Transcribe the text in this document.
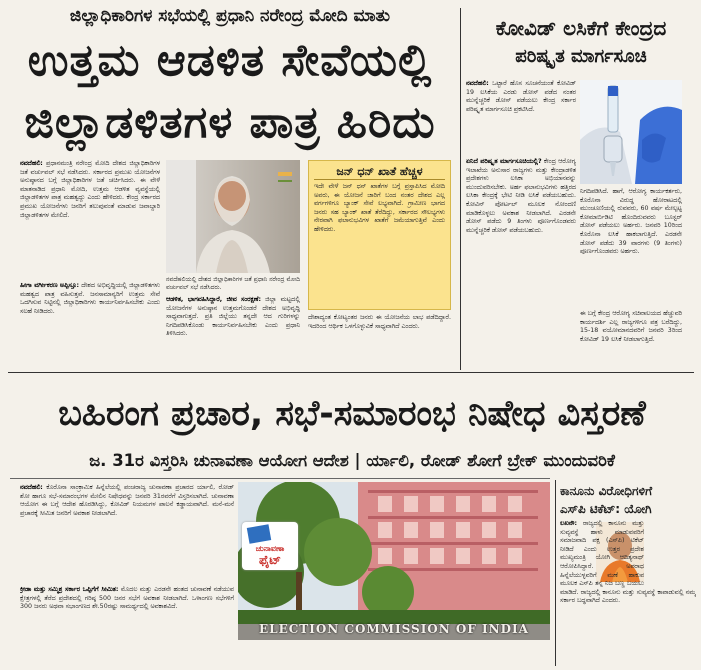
ಜಿಲ್ಲಾಧಿಕಾರಿಗಳ ಸಭೆಯಲ್ಲಿ ಪ್ರಧಾನಿ ನರೇಂದ್ರ ಮೋದಿ ಮಾತು
ಉತ್ತಮ ಆಡಳಿತ ಸೇವೆಯಲ್ಲಿ
ಜಿಲ್ಲಾಡಳಿತಗಳ ಪಾತ್ರ ಹಿರಿದು
ನವದೆಹಲಿ: ಪ್ರಧಾನಮಂತ್ರಿ ನರೇಂದ್ರ ಮೋದಿ ದೇಶದ ಜಿಲ್ಲಾಧಿಕಾರಿಗಳ ಜತೆ ವರ್ಚುವಲ್ ಸಭೆ ನಡೆಸಿದರು. ಸರ್ಕಾರದ ಪ್ರಮುಖ ಯೋಜನೆಗಳ ಅನುಷ್ಠಾನದ ಬಗ್ಗೆ ಜಿಲ್ಲಾಧಿಕಾರಿಗಳ ಜತೆ ಚರ್ಚಿಸಿದರು. ಈ ವೇಳೆ ಮಾತನಾಡಿದ ಪ್ರಧಾನಿ ಮೋದಿ, ಉತ್ತಮ ಆಡಳಿತ ವ್ಯವಸ್ಥೆಯಲ್ಲಿ ಜಿಲ್ಲಾಡಳಿತಗಳ ಪಾತ್ರ ಮಹತ್ವದ್ದು ಎಂದು ಹೇಳಿದರು. ಕೇಂದ್ರ ಸರ್ಕಾರದ ಪ್ರಮುಖ ಯೋಜನೆಗಳು ಜನರಿಗೆ ತಲುಪುವಂತೆ ಮಾಡುವ ಜವಾಬ್ದಾರಿ ಜಿಲ್ಲಾಡಳಿತಗಳ ಮೇಲಿದೆ.
ಹೀಗಾ ವರ್ಗೀಕರಣ ಅಪ್ಪಿಸ್ತೂ: ದೇಶದ ಅಭಿವೃದ್ಧಿಯಲ್ಲಿ ಜಿಲ್ಲಾಡಳಿತಗಳು ಮಹತ್ವದ ಪಾತ್ರ ವಹಿಸುತ್ತವೆ. ಜನಸಾಮಾನ್ಯರಿಗೆ ಉತ್ತಮ ಸೇವೆ ಒದಗಿಸುವ ನಿಟ್ಟಿನಲ್ಲಿ ಜಿಲ್ಲಾಧಿಕಾರಿಗಳು ಕಾರ್ಯನಿರ್ವಹಿಸಬೇಕು ಎಂದು ಸಲಹೆ ನೀಡಿದರು.
ನವದೆಹಲಿಯಲ್ಲಿ ದೇಶದ ಜಿಲ್ಲಾಧಿಕಾರಿಗಳ ಜತೆ ಪ್ರಧಾನಿ ನರೇಂದ್ರ ಮೋದಿ ವರ್ಚುವಲ್ ಸಭೆ ನಡೆಸಿದರು.
ಆಡಳಿತ, ಭಾಗವಹಿಸಿದ್ದಾರೆ, ಜೀವ ಸಂರಕ್ಷಣೆ: ಜಿಲ್ಲಾ ಮಟ್ಟದಲ್ಲಿ ಯೋಜನೆಗಳ ಅನುಷ್ಠಾನ ಉತ್ತಮಗೊಂಡರೆ ದೇಶದ ಅಭಿವೃದ್ಧಿ ಸಾಧ್ಯವಾಗುತ್ತದೆ. ಪ್ರತಿ ಜಿಲ್ಲೆಯು ತನ್ನದೇ ಆದ ಗುರಿಗಳನ್ನು ನಿಗದಿಪಡಿಸಿಕೊಂಡು ಕಾರ್ಯನಿರ್ವಹಿಸಬೇಕು ಎಂದು ಪ್ರಧಾನಿ ತಿಳಿಸಿದರು.
ಜನ್ ಧನ್ ಖಾತೆ ಹೆಚ್ಚಳ
ಇದೇ ವೇಳೆ ಜನ್ ಧನ್ ಖಾತೆಗಳ ಬಗ್ಗೆ ಪ್ರಸ್ತಾಪಿಸಿದ ಮೋದಿ ಅವರು, ಈ ಯೋಜನೆ ಜಾರಿಗೆ ಬಂದ ನಂತರ ದೇಶದ ಎಲ್ಲ ವರ್ಗಗಳಿಗೂ ಬ್ಯಾಂಕ್ ಸೇವೆ ಲಭ್ಯವಾಗಿದೆ. ಗ್ರಾಮೀಣ ಭಾಗದ ಜನರು ಸಹ ಬ್ಯಾಂಕ್ ಖಾತೆ ತೆರೆದಿದ್ದು, ಸರ್ಕಾರದ ಸೌಲಭ್ಯಗಳು ನೇರವಾಗಿ ಫಲಾನುಭವಿಗಳ ಖಾತೆಗೆ ಜಮೆಯಾಗುತ್ತಿವೆ ಎಂದು ಹೇಳಿದರು.
ದೇಶಾದ್ಯಂತ ಕೋಟ್ಯಂತರ ಜನರು ಈ ಯೋಜನೆಯ ಲಾಭ ಪಡೆದಿದ್ದಾರೆ. ಇದರಿಂದ ಆರ್ಥಿಕ ಒಳಗೊಳ್ಳುವಿಕೆ ಸಾಧ್ಯವಾಗಿದೆ ಎಂದರು.
ಕೋವಿಡ್ ಲಸಿಕೆಗೆ ಕೇಂದ್ರದ
ಪರಿಷ್ಕೃತ ಮಾರ್ಗಸೂಚಿ
ನವದೆಹಲಿ: ಒಟ್ಟಾರೆ ಹೊಸ ಸೂಚನೆಯಂತೆ ಕೋವಿಡ್ 19 ಲಸಿಕೆಯ ಎರಡು ಡೋಸ್ ಪಡೆದ ನಂತರ ಮುನ್ನೆಚ್ಚರಿಕೆ ಡೋಸ್ ಪಡೆಯಲು ಕೇಂದ್ರ ಸರ್ಕಾರ ಪರಿಷ್ಕೃತ ಮಾರ್ಗಸೂಚಿ ಪ್ರಕಟಿಸಿದೆ.
ಏನಿದೆ ಪರಿಷ್ಕೃತ ಮಾರ್ಗಸೂಚಿಯಲ್ಲಿ? ಕೇಂದ್ರ ಆರೋಗ್ಯ ಇಲಾಖೆಯ ಅನುಸಾರ ರಾಜ್ಯಗಳು ಮತ್ತು ಕೇಂದ್ರಾಡಳಿತ ಪ್ರದೇಶಗಳು ಲಸಿಕಾ ಅಭಿಯಾನವನ್ನು ಮುಂದುವರಿಸಬೇಕು. ಅರ್ಹ ಫಲಾನುಭವಿಗಳು ಹತ್ತಿರದ ಲಸಿಕಾ ಕೇಂದ್ರಕ್ಕೆ ಭೇಟಿ ನೀಡಿ ಲಸಿಕೆ ಪಡೆಯಬಹುದು. ಕೋವಿನ್ ಪೋರ್ಟಲ್ ಮೂಲಕ ನೋಂದಣಿ ಮಾಡಿಕೊಳ್ಳಲು ಅವಕಾಶ ನೀಡಲಾಗಿದೆ. ಎರಡನೇ ಡೋಸ್ ಪಡೆದು 9 ತಿಂಗಳು ಪೂರ್ಣಗೊಂಡವರು ಮುನ್ನೆಚ್ಚರಿಕೆ ಡೋಸ್ ಪಡೆಯಬಹುದು.
ನಿಗದಿಪಡಿಸಿದೆ. ಹಾಗೆ, ಆರೋಗ್ಯ ಕಾರ್ಯಕರ್ತರು, ಕೊರೊನಾ ವಿರುದ್ಧ ಹೋರಾಟದಲ್ಲಿ ಮುಂಚೂಣಿಯಲ್ಲಿ ರುವವರು, 60 ವರ್ಷ ಮೇಲ್ಪಟ್ಟ ಕೋಮಾರ್ಬಿಡಿಟಿ ಹೊಂದಿರುವವರು ಬೂಸ್ಟರ್ ಡೋಸ್ ಪಡೆಯಲು ಅರ್ಹರು. ಜನವರಿ 10ರಿಂದ ಕೊರೊನಾ ಲಸಿಕೆ ಹಾಕಲಾಗುತ್ತಿದೆ. ಎರಡನೇ ಡೋಸ್ ಪಡೆದು 39 ವಾರಗಳು (9 ತಿಂಗಳು) ಪೂರ್ಣಗೊಂಡವರು ಅರ್ಹರು.
ಈ ಬಗ್ಗೆ ಕೇಂದ್ರ ಆರೋಗ್ಯ ಸಚಿವಾಲಯದ ಹೆಚ್ಚುವರಿ ಕಾರ್ಯದರ್ಶಿ ಎಲ್ಲ ರಾಜ್ಯಗಳಿಗೂ ಪತ್ರ ಬರೆದಿದ್ದು, 15-18 ವಯೋಮಾನದವರಿಗೆ ಜನವರಿ 3ರಿಂದ ಕೋವಿಡ್ 19 ಲಸಿಕೆ ನೀಡಲಾಗುತ್ತಿದೆ.
ಬಹಿರಂಗ ಪ್ರಚಾರ, ಸಭೆ-ಸಮಾರಂಭ ನಿಷೇಧ ವಿಸ್ತರಣೆ
ಜ. 31ರ ವಿಸ್ತರಿಸಿ ಚುನಾವಣಾ ಆಯೋಗ ಆದೇಶ | ರ್ಯಾಲಿ, ರೋಡ್ ಶೋಗೆ ಬ್ರೇಕ್ ಮುಂದುವರಿಕೆ
ನವದೆಹಲಿ: ಕೊರೊನಾ ಸಾಂಕ್ರಾಮಿಕ ಹಿನ್ನೆಲೆಯಲ್ಲಿ ಪಂಚರಾಜ್ಯ ಚುನಾವಣಾ ಪ್ರಚಾರದ ರ್ಯಾಲಿ, ರೋಡ್ ಶೋ ಹಾಗೂ ಸಭೆ-ಸಮಾರಂಭಗಳ ಮೇಲಿನ ನಿಷೇಧವನ್ನು ಜನವರಿ 31ರವರೆಗೆ ವಿಸ್ತರಿಸಲಾಗಿದೆ. ಚುನಾವಣಾ ಆಯೋಗ ಈ ಬಗ್ಗೆ ಆದೇಶ ಹೊರಡಿಸಿದ್ದು, ಕೋವಿಡ್ ನಿಯಮಗಳ ಪಾಲನೆ ಕಡ್ಡಾಯವಾಗಿದೆ. ಮನೆ-ಮನೆ ಪ್ರಚಾರಕ್ಕೆ ಸೀಮಿತ ಜನರಿಗೆ ಅವಕಾಶ ನೀಡಲಾಗಿದೆ.
ಕ್ರೀಡಾ ಮತ್ತು ಸಮ್ಮಿಶ್ರ ಸರ್ಕಾರ ಒಪ್ಪಿಗೆಗೆ ಸೀಮಿತ: ಮೊದಲ ಮತ್ತು ಎರಡನೇ ಹಂತದ ಚುನಾವಣೆ ನಡೆಯುವ ಕ್ಷೇತ್ರಗಳಲ್ಲಿ ತೆರೆದ ಪ್ರದೇಶದಲ್ಲಿ ಗರಿಷ್ಠ 500 ಜನರ ಸಭೆಗೆ ಅವಕಾಶ ನೀಡಲಾಗಿದೆ. ಒಳಾಂಗಣ ಸಭೆಗಳಿಗೆ 300 ಜನರು ಅಥವಾ ಸಭಾಂಗಣದ ಶೇ.50ರಷ್ಟು ಸಾಮರ್ಥ್ಯದಲ್ಲಿ ಅವಕಾಶವಿದೆ.
ಚುನಾವಣಾ
ಫೈಟ್
ELECTION COMMISSION OF INDIA
ಕಾನೂನು ವಿರೋಧಿಗಳಿಗೆ
ಎಸ್‌ಪಿ ಟಿಕೆಟ್: ಯೋಗಿ
ಲಖನೌ: ರಾಜ್ಯದಲ್ಲಿ ಕಾನೂನು ಮತ್ತು ಸುವ್ಯವಸ್ಥೆ ಹಾಳು ಮಾಡುವವರಿಗೆ ಸಮಾಜವಾದಿ ಪಕ್ಷ (ಎಸ್‌ಪಿ) ಟಿಕೆಟ್ ನೀಡಿದೆ ಎಂದು ಉತ್ತರ ಪ್ರದೇಶ ಮುಖ್ಯಮಂತ್ರಿ ಯೋಗಿ ಆದಿತ್ಯನಾಥ್ ಆರೋಪಿಸಿದ್ದಾರೆ. ಅಪರಾಧ ಹಿನ್ನೆಲೆಯುಳ್ಳವರಿಗೆ ಮಣೆ ಹಾಕುವ ಮೂಲಕ ಎಸ್‌ಪಿ ತನ್ನ ನಿಜ ಬಣ್ಣ ಬಯಲು ಮಾಡಿದೆ. ರಾಜ್ಯದಲ್ಲಿ ಕಾನೂನು ಮತ್ತು ಸುವ್ಯವಸ್ಥೆ ಕಾಪಾಡುವಲ್ಲಿ ನಮ್ಮ ಸರ್ಕಾರ ಬದ್ಧವಾಗಿದೆ ಎಂದರು.
